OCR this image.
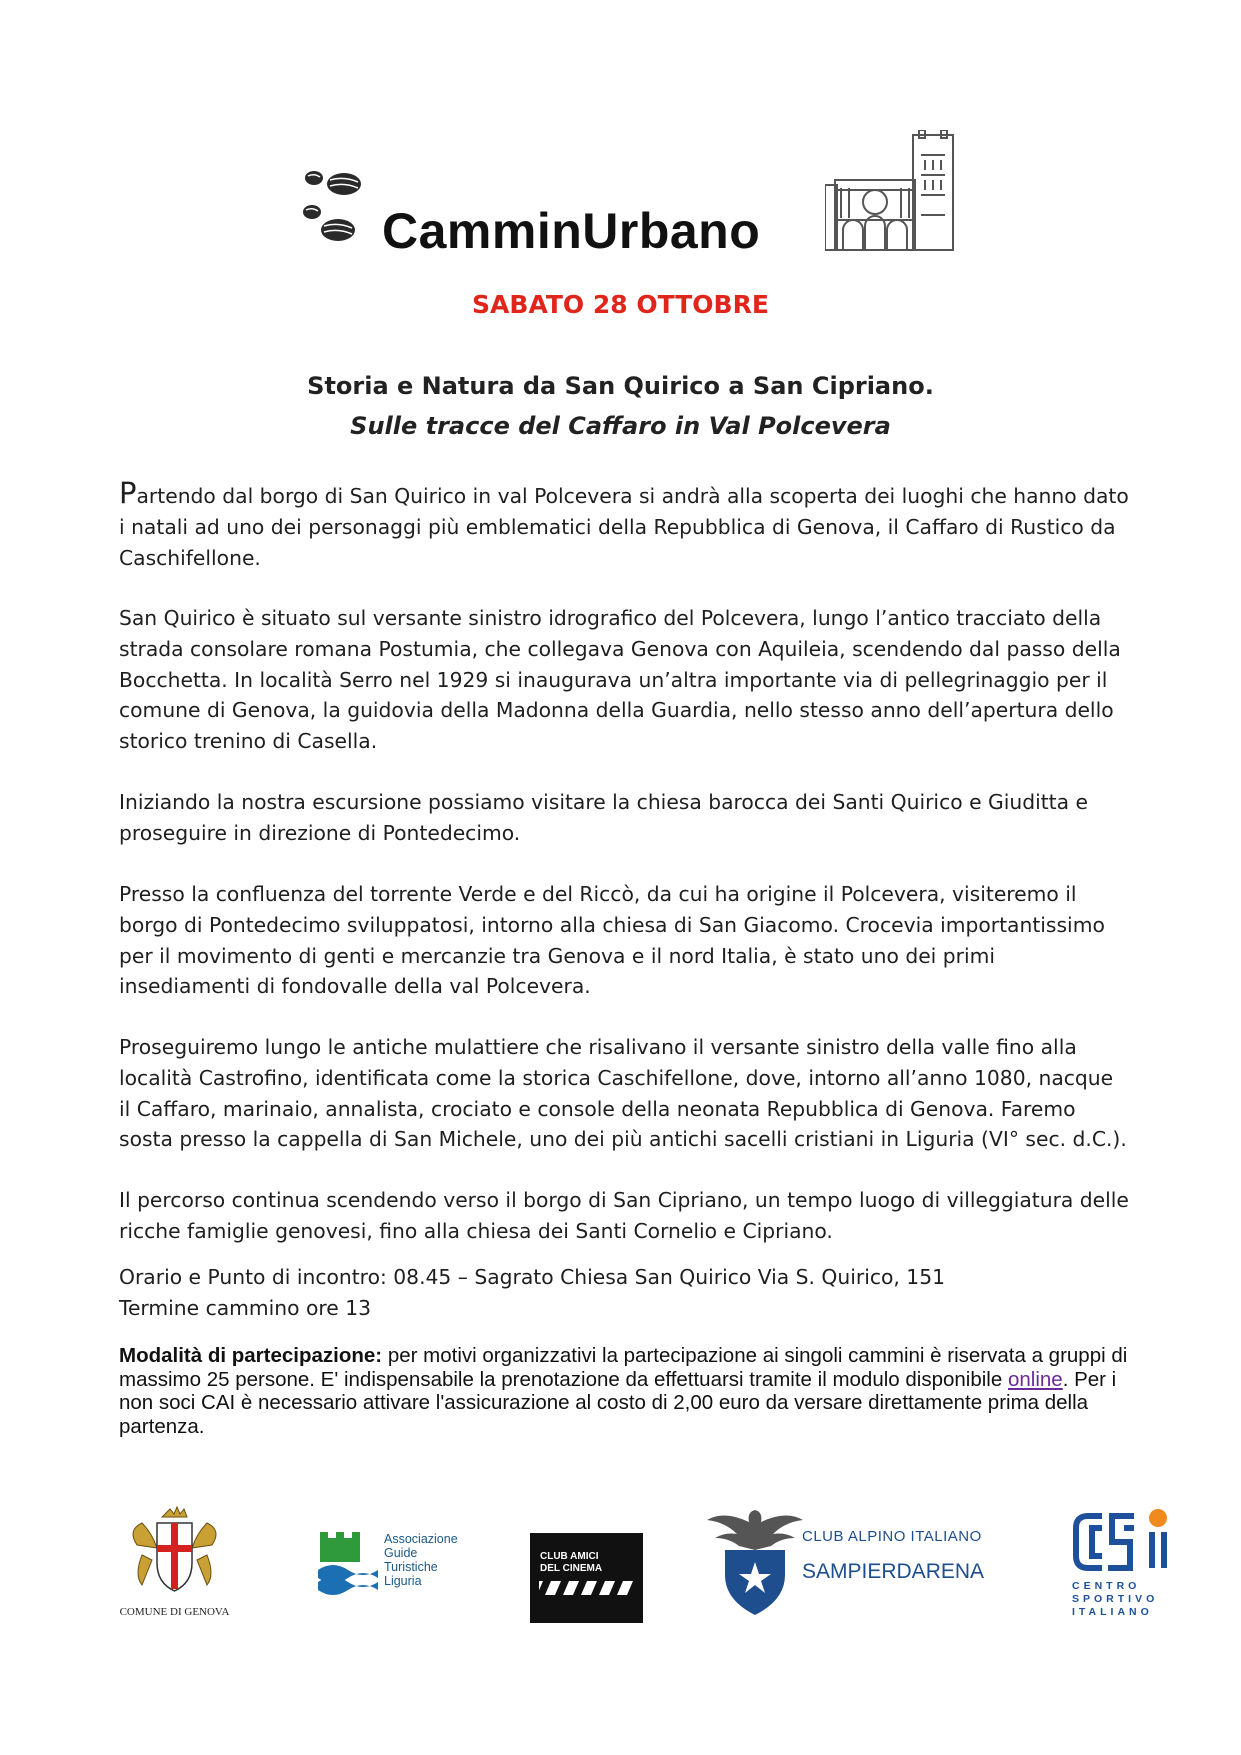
CamminUrbano
SABATO 28 OTTOBRE
Storia e Natura da San Quirico a San Cipriano.
Sulle tracce del Caffaro in Val Polcevera
Partendo dal borgo di San Quirico in val Polcevera si andrà alla scoperta dei luoghi che hanno dato i natali ad uno dei personaggi più emblematici della Repubblica di Genova, il Caffaro di Rustico da Caschifellone.
San Quirico è situato sul versante sinistro idrografico del Polcevera, lungo l’antico tracciato della strada consolare romana Postumia, che collegava Genova con Aquileia, scendendo dal passo della Bocchetta. In località Serro nel 1929 si inaugurava un’altra importante via di pellegrinaggio per il comune di Genova, la guidovia della Madonna della Guardia, nello stesso anno dell’apertura dello storico trenino di Casella.
Iniziando la nostra escursione possiamo visitare la chiesa barocca dei Santi Quirico e Giuditta e proseguire in direzione di Pontedecimo.
Presso la confluenza del torrente Verde e del Riccò, da cui ha origine il Polcevera, visiteremo il borgo di Pontedecimo sviluppatosi, intorno alla chiesa di San Giacomo. Crocevia importantissimo per il movimento di genti e mercanzie tra Genova e il nord Italia, è stato uno dei primi insediamenti di fondovalle della val Polcevera.
Proseguiremo lungo le antiche mulattiere che risalivano il versante sinistro della valle fino alla località Castrofino, identificata come la storica Caschifellone, dove, intorno all’anno 1080, nacque il Caffaro, marinaio, annalista, crociato e console della neonata Repubblica di Genova. Faremo sosta presso la cappella di San Michele, uno dei più antichi sacelli cristiani in Liguria (VI° sec. d.C.).
Il percorso continua scendendo verso il borgo di San Cipriano, un tempo luogo di villeggiatura delle ricche famiglie genovesi, fino alla chiesa dei Santi Cornelio e Cipriano.
Orario e Punto di incontro: 08.45 – Sagrato Chiesa San Quirico Via S. Quirico, 151
Termine cammino ore 13
Modalità di partecipazione: per motivi organizzativi la partecipazione ai singoli cammini è riservata a gruppi di massimo 25 persone. E' indispensabile la prenotazione da effettuarsi tramite il modulo disponibile online. Per i non soci CAI è necessario attivare l'assicurazione al costo di 2,00 euro da versare direttamente prima della partenza.
COMUNE DI GENOVA
Associazione
Guide
Turistiche
Liguria
CLUB AMICI
DEL CINEMA
CLUB ALPINO ITALIANO
SAMPIERDARENA
CENTRO
SPORTIVO
ITALIANO
